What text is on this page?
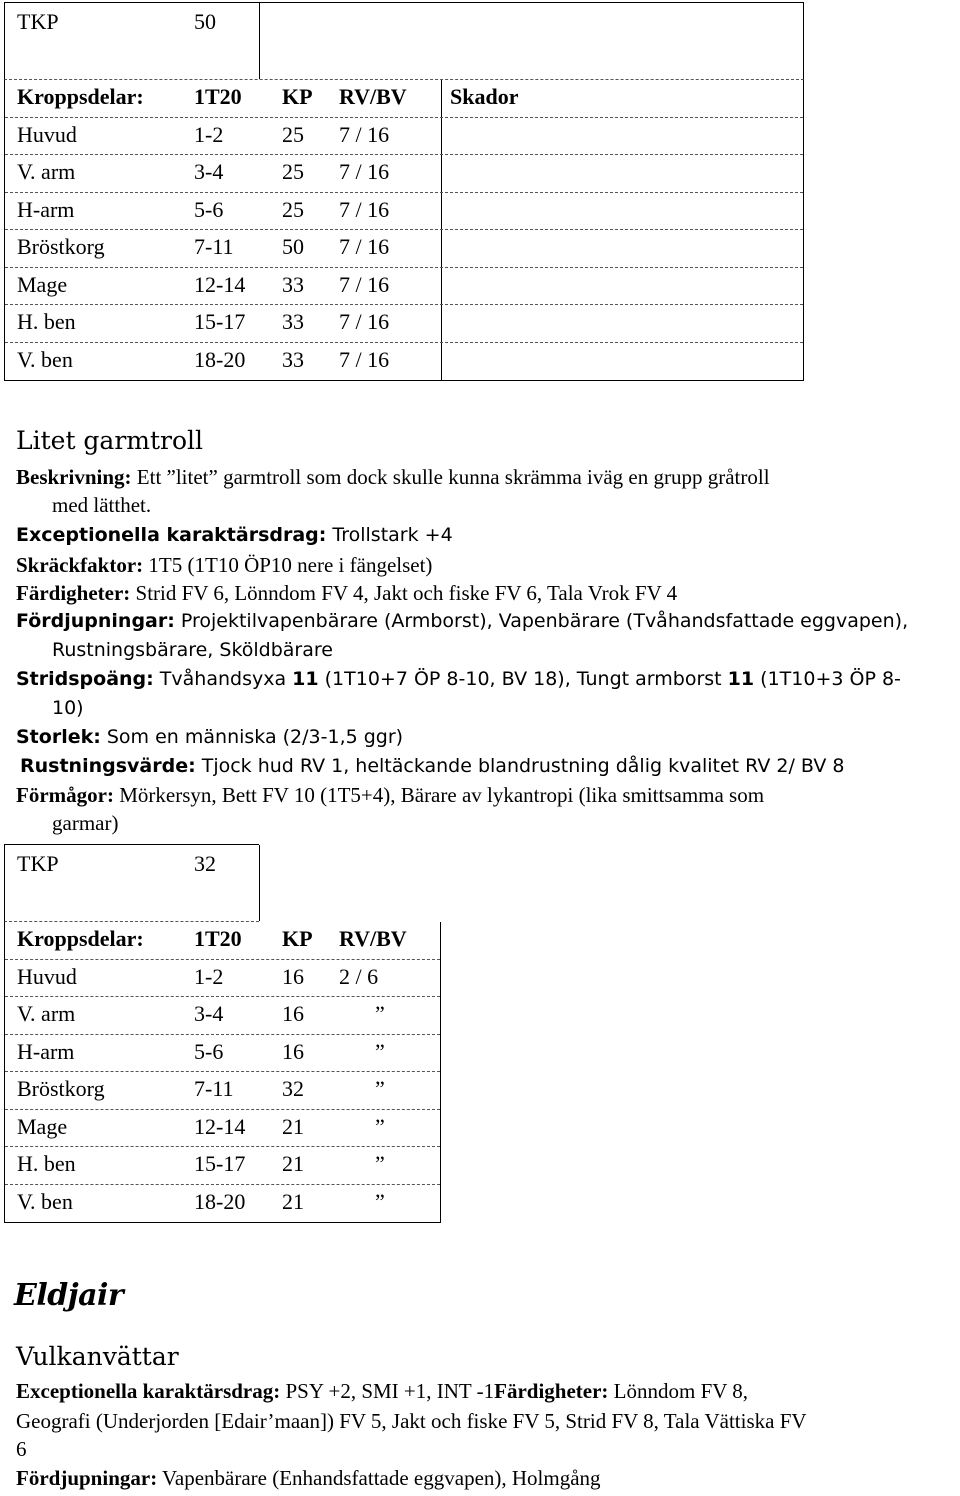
TKP	50
Kroppsdelar: 1T20 KP RV/BV Skador
Huvud	1-2	25 7 / 16
V. arm	3-4	25 7 / 16
H-arm	5-6	25 7 / 16
Bröstkorg	7-11 50 7 / 16
Mage	12-14 33 7 / 16
H. ben	15-17 33 7 / 16
V. ben	18-20 33 7 / 16
Litet garmtroll
Beskrivning: Ett ”litet” garmtroll som dock skulle kunna skrämma iväg en grupp gråtroll
med lätthet.
Exceptionella karaktärsdrag: Trollstark +4
Skräckfaktor: 1T5 (1T10 ÖP10 nere i fängelset)
Färdigheter: Strid FV 6, Lönndom FV 4, Jakt och fiske FV 6, Tala Vrok FV 4
Fördjupningar: Projektilvapenbärare (Armborst), Vapenbärare (Tvåhandsfattade eggvapen),
Rustningsbärare, Sköldbärare
Stridspoäng: Tvåhandsyxa 11 (1T10+7 ÖP 8-10, BV 18), Tungt armborst 11 (1T10+3 ÖP 8-
10)
Storlek: Som en människa (2/3-1,5 ggr)
Rustningsvärde: Tjock hud RV 1, heltäckande blandrustning dålig kvalitet RV 2/ BV 8
Förmågor: Mörkersyn, Bett FV 10 (1T5+4), Bärare av lykantropi (lika smittsamma som
garmar)
TKP	32
Kroppsdelar: 1T20 KP RV/BV
Huvud	1-2	16 2 / 6
V. arm	3-4	16	”
H-arm	5-6	16	”
Bröstkorg	7-11 32	”
Mage	12-14 21	”
H. ben	15-17 21	”
V. ben	18-20 21	”
Eldjair
Vulkanvättar
Exceptionella karaktärsdrag: PSY +2, SMI +1, INT -1Färdigheter: Lönndom FV 8,
Geografi (Underjorden [Edair’maan]) FV 5, Jakt och fiske FV 5, Strid FV 8, Tala Vättiska FV
6
Fördjupningar: Vapenbärare (Enhandsfattade eggvapen), Holmgång
